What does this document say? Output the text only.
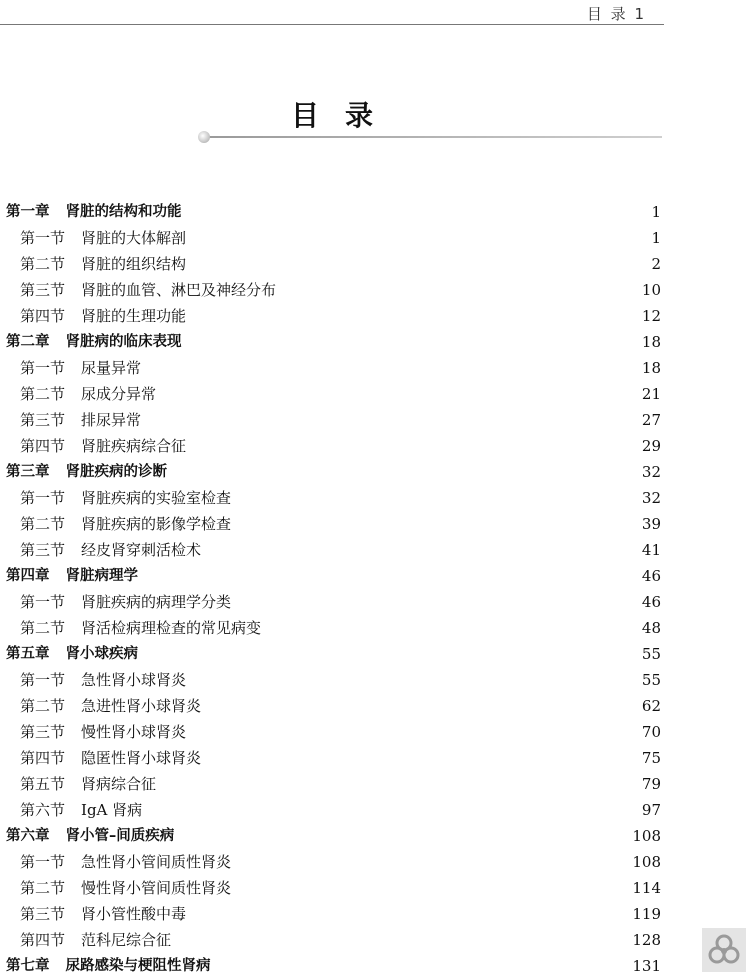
目 录 1
目录
第一章 肾脏的结构和功能	1
第一节 肾脏的大体解剖	1
第二节 肾脏的组织结构	2
第三节 肾脏的血管、淋巴及神经分布	10
第四节 肾脏的生理功能	12
第二章 肾脏病的临床表现	18
第一节 尿量异常	18
第二节 尿成分异常	21
第三节 排尿异常	27
第四节 肾脏疾病综合征	29
第三章 肾脏疾病的诊断	32
第一节 肾脏疾病的实验室检查	32
第二节 肾脏疾病的影像学检查	39
第三节 经皮肾穿刺活检术	41
第四章 肾脏病理学	46
第一节 肾脏疾病的病理学分类	46
第二节 肾活检病理检查的常见病变	48
第五章 肾小球疾病	55
第一节 急性肾小球肾炎	55
第二节 急进性肾小球肾炎	62
第三节 慢性肾小球肾炎	70
第四节 隐匿性肾小球肾炎	75
第五节 肾病综合征	79
第六节 IgA 肾病	97
第六章 肾小管–间质疾病	108
第一节 急性肾小管间质性肾炎	108
第二节 慢性肾小管间质性肾炎	114
第三节 肾小管性酸中毒	119
第四节 范科尼综合征	128
第七章 尿路感染与梗阻性肾病	131
